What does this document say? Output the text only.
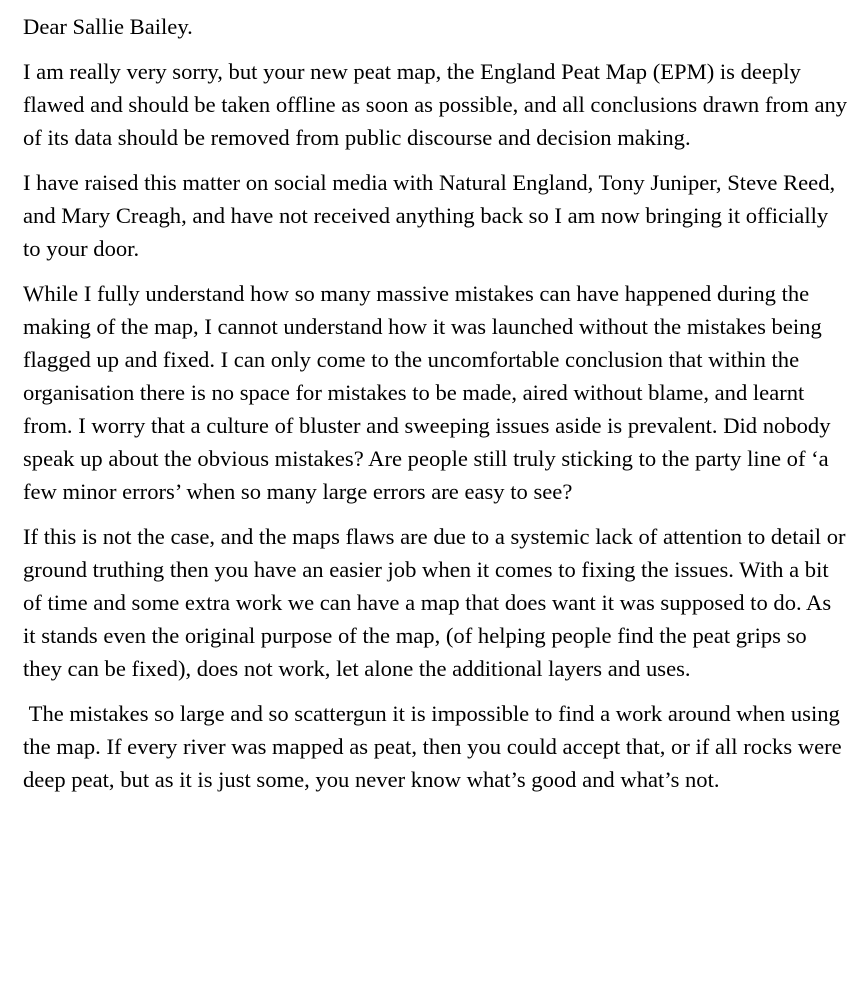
Dear Sallie Bailey.

I am really very sorry, but your new peat map, the England Peat Map (EPM) is deeply flawed and should be taken offline as soon as possible, and all conclusions drawn from any of its data should be removed from public discourse and decision making.

I have raised this matter on social media with Natural England, Tony Juniper, Steve Reed, and Mary Creagh, and have not received anything back so I am now bringing it officially to your door.

While I fully understand how so many massive mistakes can have happened during the making of the map, I cannot understand how it was launched without the mistakes being flagged up and fixed. I can only come to the uncomfortable conclusion that within the organisation there is no space for mistakes to be made, aired without blame, and learnt from. I worry that a culture of bluster and sweeping issues aside is prevalent. Did nobody speak up about the obvious mistakes? Are people still truly sticking to the party line of ‘a few minor errors’ when so many large errors are easy to see?

If this is not the case, and the maps flaws are due to a systemic lack of attention to detail or ground truthing then you have an easier job when it comes to fixing the issues. With a bit of time and some extra work we can have a map that does want it was supposed to do. As it stands even the original purpose of the map, (of helping people find the peat grips so they can be fixed), does not work, let alone the additional layers and uses.

The mistakes so large and so scattergun it is impossible to find a work around when using the map. If every river was mapped as peat, then you could accept that, or if all rocks were deep peat, but as it is just some, you never know what’s good and what’s not.
